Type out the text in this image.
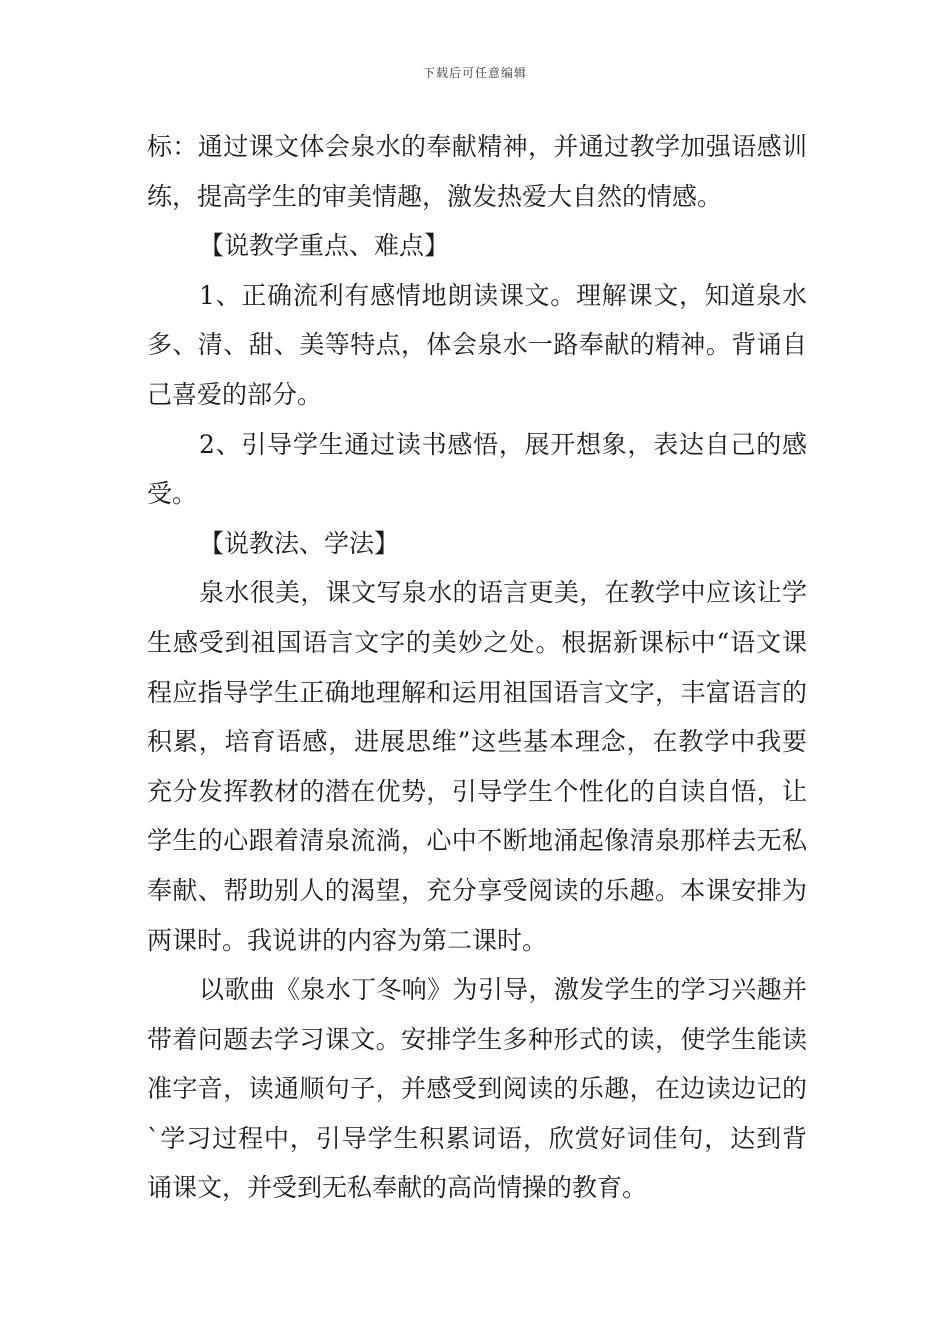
下载后可任意编辑

标：通过课文体会泉水的奉献精神，并通过教学加强语感训练，提高学生的审美情趣，激发热爱大自然的情感。

【说教学重点、难点】

1、正确流利有感情地朗读课文。理解课文，知道泉水多、清、甜、美等特点，体会泉水一路奉献的精神。背诵自己喜爱的部分。

2、引导学生通过读书感悟，展开想象，表达自己的感受。

【说教法、学法】

泉水很美，课文写泉水的语言更美，在教学中应该让学生感受到祖国语言文字的美妙之处。根据新课标中“语文课程应指导学生正确地理解和运用祖国语言文字，丰富语言的积累，培育语感，进展思维”这些基本理念，在教学中我要充分发挥教材的潜在优势，引导学生个性化的自读自悟，让学生的心跟着清泉流淌，心中不断地涌起像清泉那样去无私奉献、帮助别人的渴望，充分享受阅读的乐趣。本课安排为两课时。我说讲的内容为第二课时。

以歌曲《泉水丁冬响》为引导，激发学生的学习兴趣并带着问题去学习课文。安排学生多种形式的读，使学生能读准字音，读通顺句子，并感受到阅读的乐趣，在边读边记的`学习过程中，引导学生积累词语，欣赏好词佳句，达到背诵课文，并受到无私奉献的高尚情操的教育。
